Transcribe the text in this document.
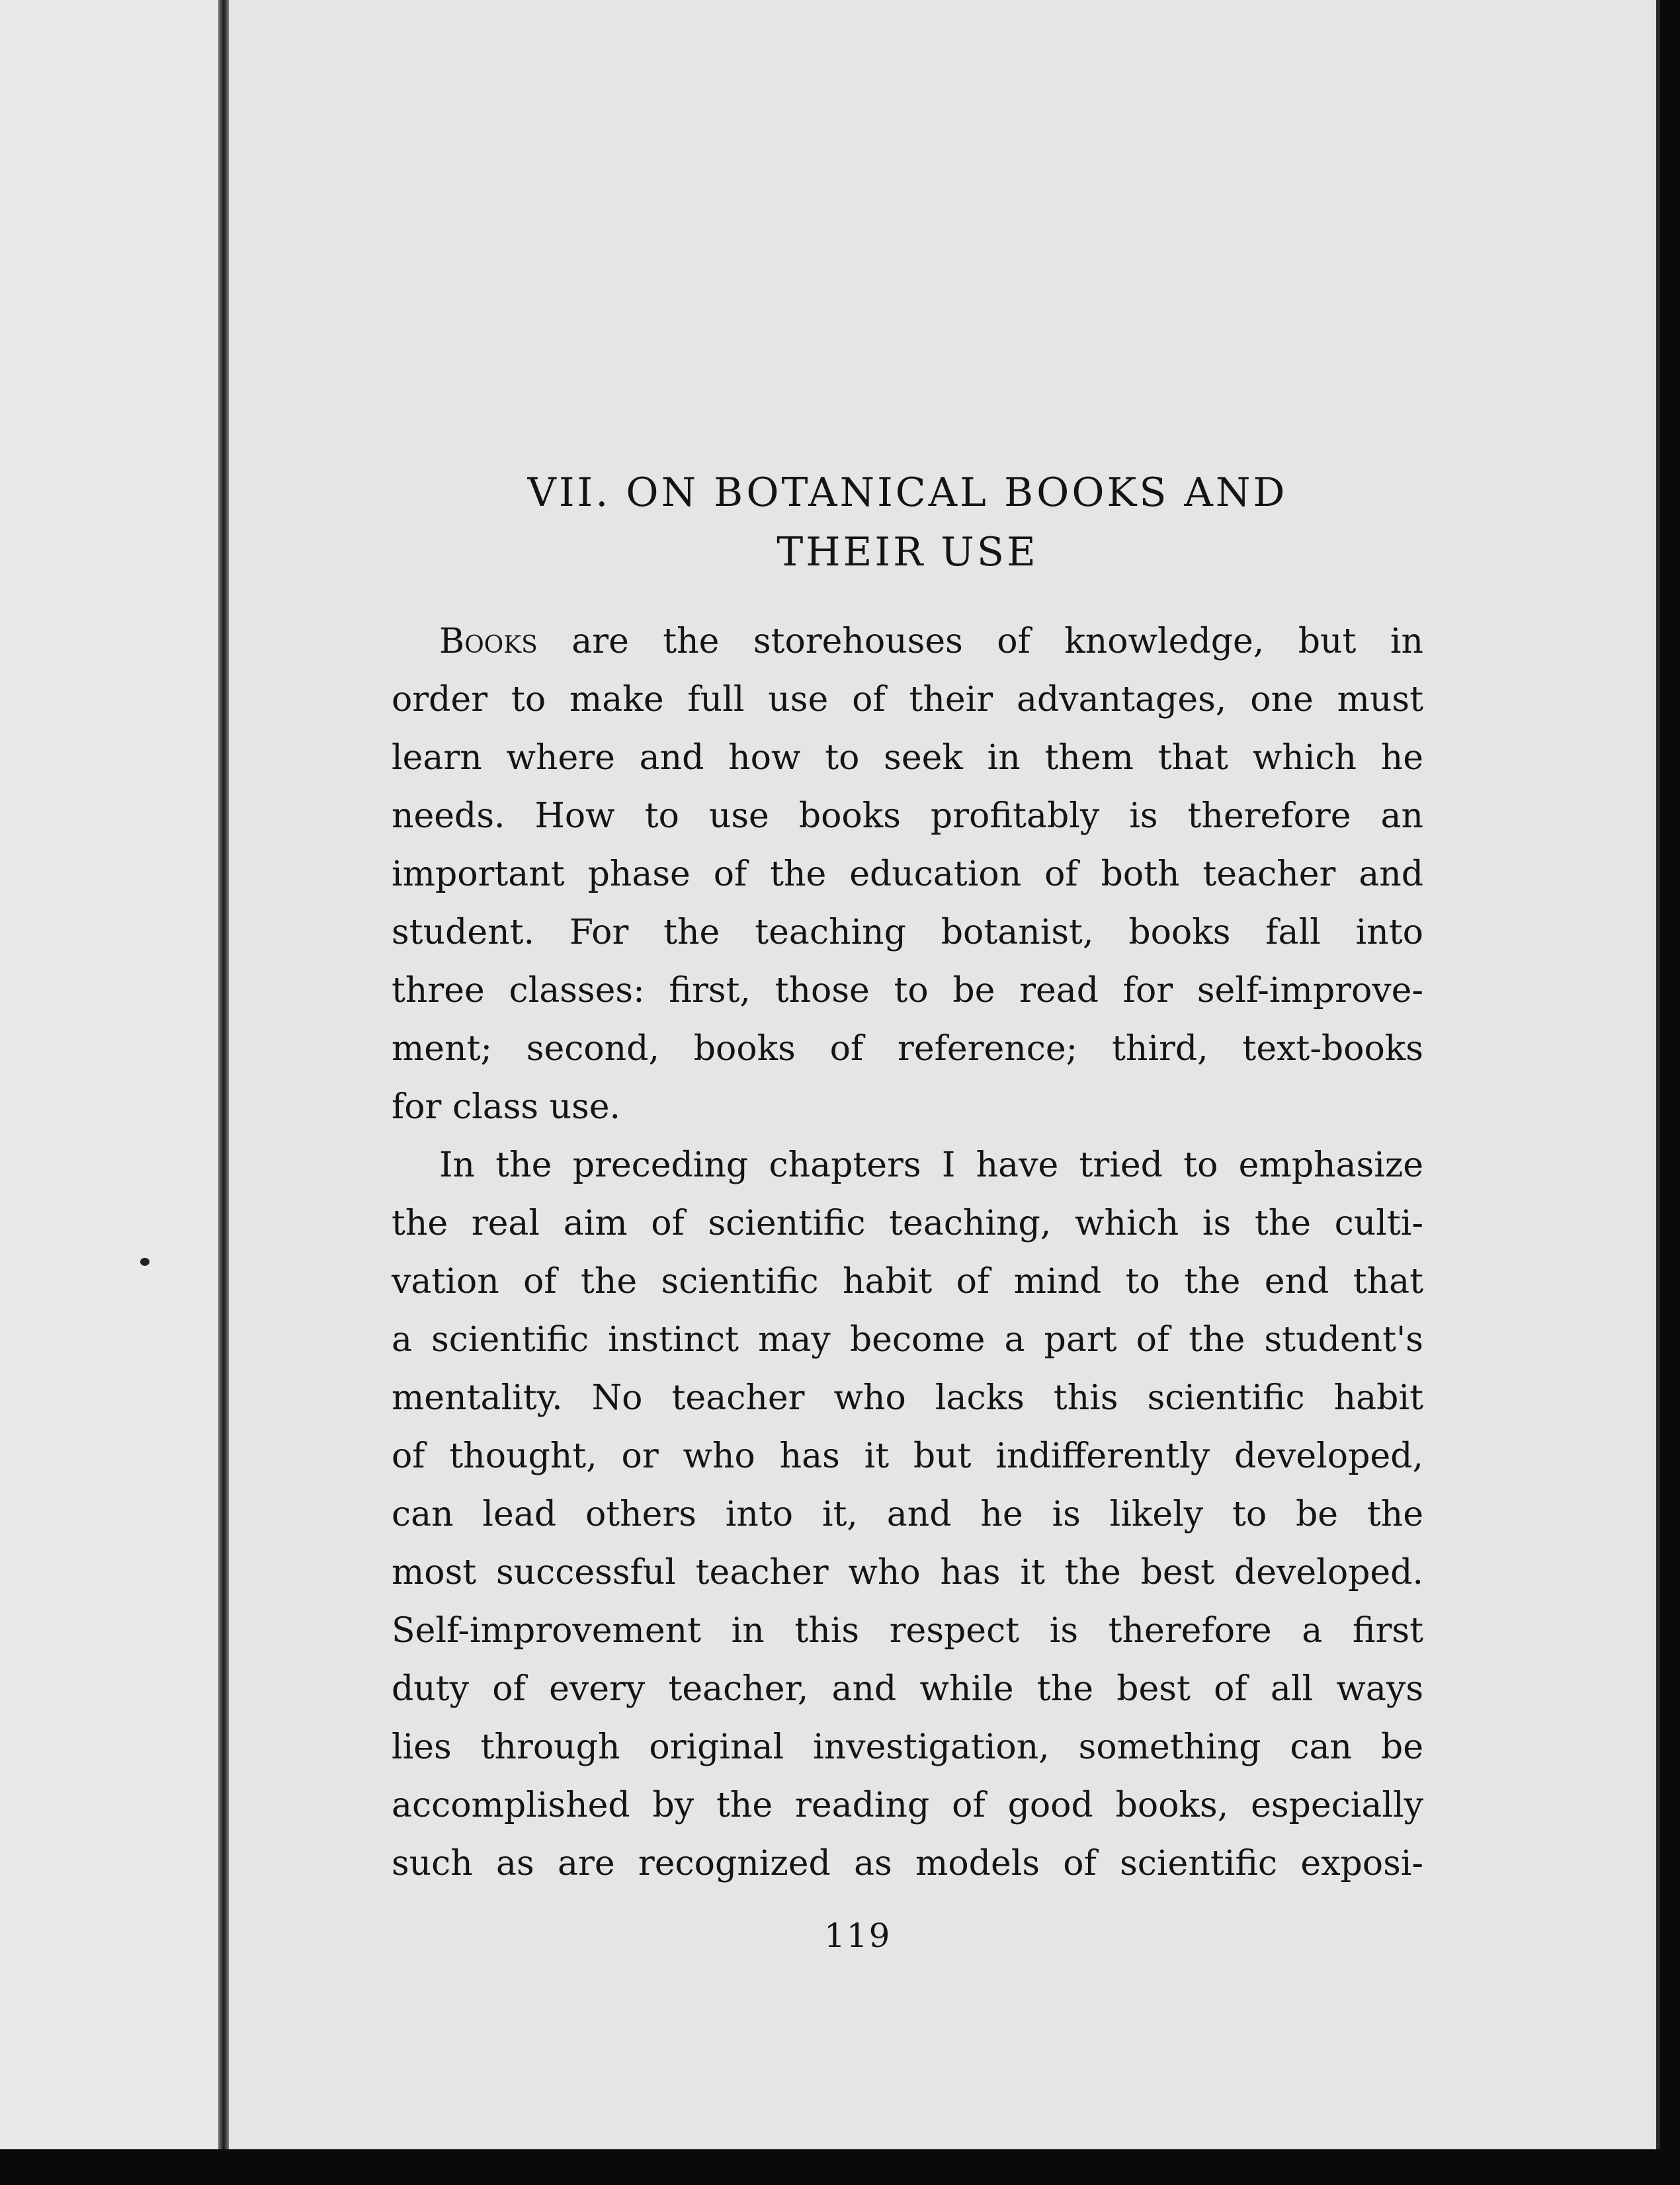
VII. ON BOTANICAL BOOKS AND
THEIR USE
Books are the storehouses of knowledge, but in
order to make full use of their advantages, one must
learn where and how to seek in them that which he
needs. How to use books profitably is therefore an
important phase of the education of both teacher and
student. For the teaching botanist, books fall into
three classes: first, those to be read for self-improve-
ment; second, books of reference; third, text-books
for class use.
In the preceding chapters I have tried to emphasize
the real aim of scientific teaching, which is the culti-
vation of the scientific habit of mind to the end that
a scientific instinct may become a part of the student's
mentality. No teacher who lacks this scientific habit
of thought, or who has it but indifferently developed,
can lead others into it, and he is likely to be the
most successful teacher who has it the best developed.
Self-improvement in this respect is therefore a first
duty of every teacher, and while the best of all ways
lies through original investigation, something can be
accomplished by the reading of good books, especially
such as are recognized as models of scientific exposi-
119
